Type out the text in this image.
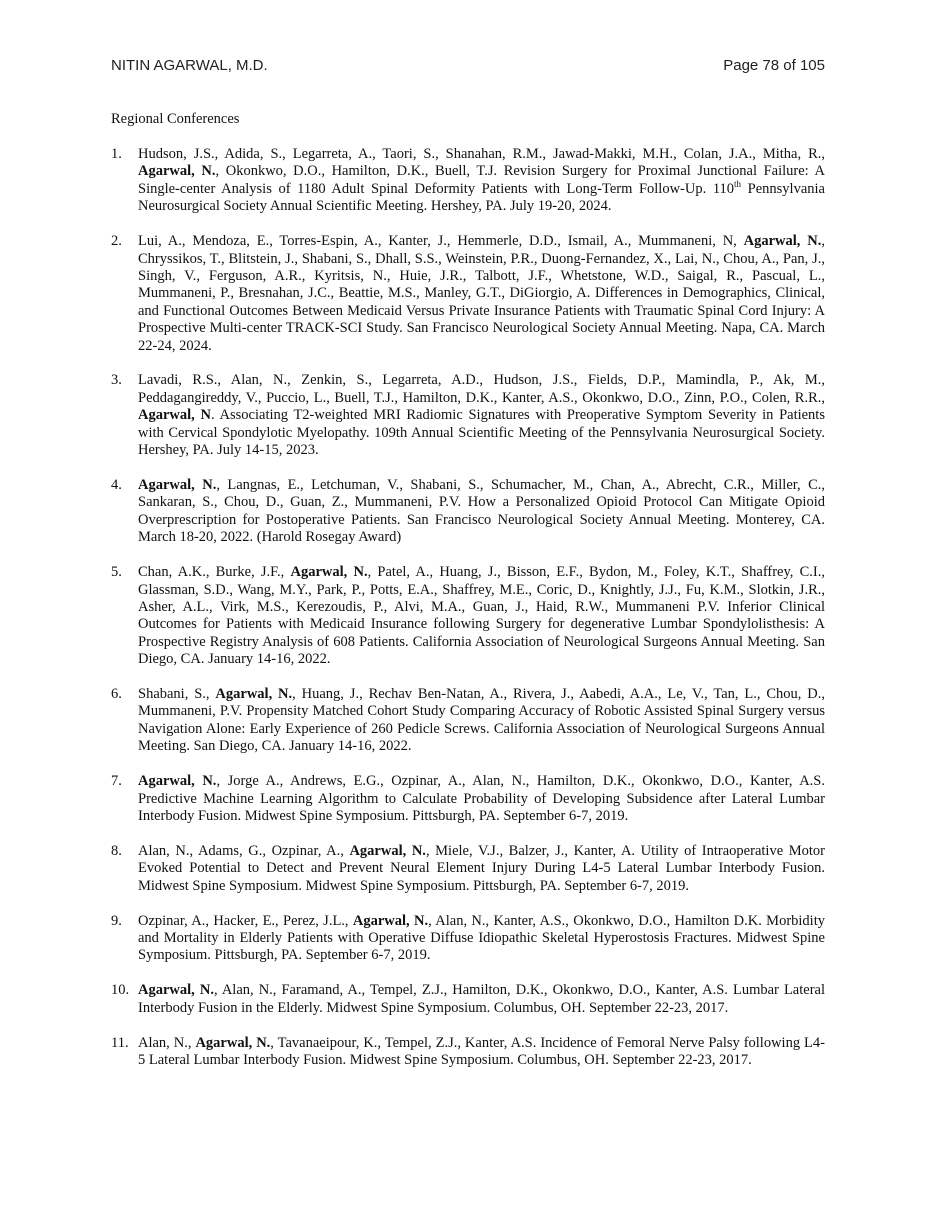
NITIN AGARWAL, M.D.	Page 78 of 105
Regional Conferences
1. Hudson, J.S., Adida, S., Legarreta, A., Taori, S., Shanahan, R.M., Jawad-Makki, M.H., Colan, J.A., Mitha, R., Agarwal, N., Okonkwo, D.O., Hamilton, D.K., Buell, T.J. Revision Surgery for Proximal Junctional Failure: A Single-center Analysis of 1180 Adult Spinal Deformity Patients with Long-Term Follow-Up. 110th Pennsylvania Neurosurgical Society Annual Scientific Meeting. Hershey, PA. July 19-20, 2024.
2. Lui, A., Mendoza, E., Torres-Espin, A., Kanter, J., Hemmerle, D.D., Ismail, A., Mummaneni, N, Agarwal, N., Chryssikos, T., Blitstein, J., Shabani, S., Dhall, S.S., Weinstein, P.R., Duong-Fernandez, X., Lai, N., Chou, A., Pan, J., Singh, V., Ferguson, A.R., Kyritsis, N., Huie, J.R., Talbott, J.F., Whetstone, W.D., Saigal, R., Pascual, L., Mummaneni, P., Bresnahan, J.C., Beattie, M.S., Manley, G.T., DiGiorgio, A. Differences in Demographics, Clinical, and Functional Outcomes Between Medicaid Versus Private Insurance Patients with Traumatic Spinal Cord Injury: A Prospective Multi-center TRACK-SCI Study. San Francisco Neurological Society Annual Meeting. Napa, CA. March 22-24, 2024.
3. Lavadi, R.S., Alan, N., Zenkin, S., Legarreta, A.D., Hudson, J.S., Fields, D.P., Mamindla, P., Ak, M., Peddagangireddy, V., Puccio, L., Buell, T.J., Hamilton, D.K., Kanter, A.S., Okonkwo, D.O., Zinn, P.O., Colen, R.R., Agarwal, N. Associating T2-weighted MRI Radiomic Signatures with Preoperative Symptom Severity in Patients with Cervical Spondylotic Myelopathy. 109th Annual Scientific Meeting of the Pennsylvania Neurosurgical Society. Hershey, PA. July 14-15, 2023.
4. Agarwal, N., Langnas, E., Letchuman, V., Shabani, S., Schumacher, M., Chan, A., Abrecht, C.R., Miller, C., Sankaran, S., Chou, D., Guan, Z., Mummaneni, P.V. How a Personalized Opioid Protocol Can Mitigate Opioid Overprescription for Postoperative Patients. San Francisco Neurological Society Annual Meeting. Monterey, CA. March 18-20, 2022. (Harold Rosegay Award)
5. Chan, A.K., Burke, J.F., Agarwal, N., Patel, A., Huang, J., Bisson, E.F., Bydon, M., Foley, K.T., Shaffrey, C.I., Glassman, S.D., Wang, M.Y., Park, P., Potts, E.A., Shaffrey, M.E., Coric, D., Knightly, J.J., Fu, K.M., Slotkin, J.R., Asher, A.L., Virk, M.S., Kerezoudis, P., Alvi, M.A., Guan, J., Haid, R.W., Mummaneni P.V. Inferior Clinical Outcomes for Patients with Medicaid Insurance following Surgery for degenerative Lumbar Spondylolisthesis: A Prospective Registry Analysis of 608 Patients. California Association of Neurological Surgeons Annual Meeting. San Diego, CA. January 14-16, 2022.
6. Shabani, S., Agarwal, N., Huang, J., Rechav Ben-Natan, A., Rivera, J., Aabedi, A.A., Le, V., Tan, L., Chou, D., Mummaneni, P.V. Propensity Matched Cohort Study Comparing Accuracy of Robotic Assisted Spinal Surgery versus Navigation Alone: Early Experience of 260 Pedicle Screws. California Association of Neurological Surgeons Annual Meeting. San Diego, CA. January 14-16, 2022.
7. Agarwal, N., Jorge A., Andrews, E.G., Ozpinar, A., Alan, N., Hamilton, D.K., Okonkwo, D.O., Kanter, A.S. Predictive Machine Learning Algorithm to Calculate Probability of Developing Subsidence after Lateral Lumbar Interbody Fusion. Midwest Spine Symposium. Pittsburgh, PA. September 6-7, 2019.
8. Alan, N., Adams, G., Ozpinar, A., Agarwal, N., Miele, V.J., Balzer, J., Kanter, A. Utility of Intraoperative Motor Evoked Potential to Detect and Prevent Neural Element Injury During L4-5 Lateral Lumbar Interbody Fusion. Midwest Spine Symposium. Midwest Spine Symposium. Pittsburgh, PA. September 6-7, 2019.
9. Ozpinar, A., Hacker, E., Perez, J.L., Agarwal, N., Alan, N., Kanter, A.S., Okonkwo, D.O., Hamilton D.K. Morbidity and Mortality in Elderly Patients with Operative Diffuse Idiopathic Skeletal Hyperostosis Fractures. Midwest Spine Symposium. Pittsburgh, PA. September 6-7, 2019.
10. Agarwal, N., Alan, N., Faramand, A., Tempel, Z.J., Hamilton, D.K., Okonkwo, D.O., Kanter, A.S. Lumbar Lateral Interbody Fusion in the Elderly. Midwest Spine Symposium. Columbus, OH. September 22-23, 2017.
11. Alan, N., Agarwal, N., Tavanaeipour, K., Tempel, Z.J., Kanter, A.S. Incidence of Femoral Nerve Palsy following L4-5 Lateral Lumbar Interbody Fusion. Midwest Spine Symposium. Columbus, OH. September 22-23, 2017.
